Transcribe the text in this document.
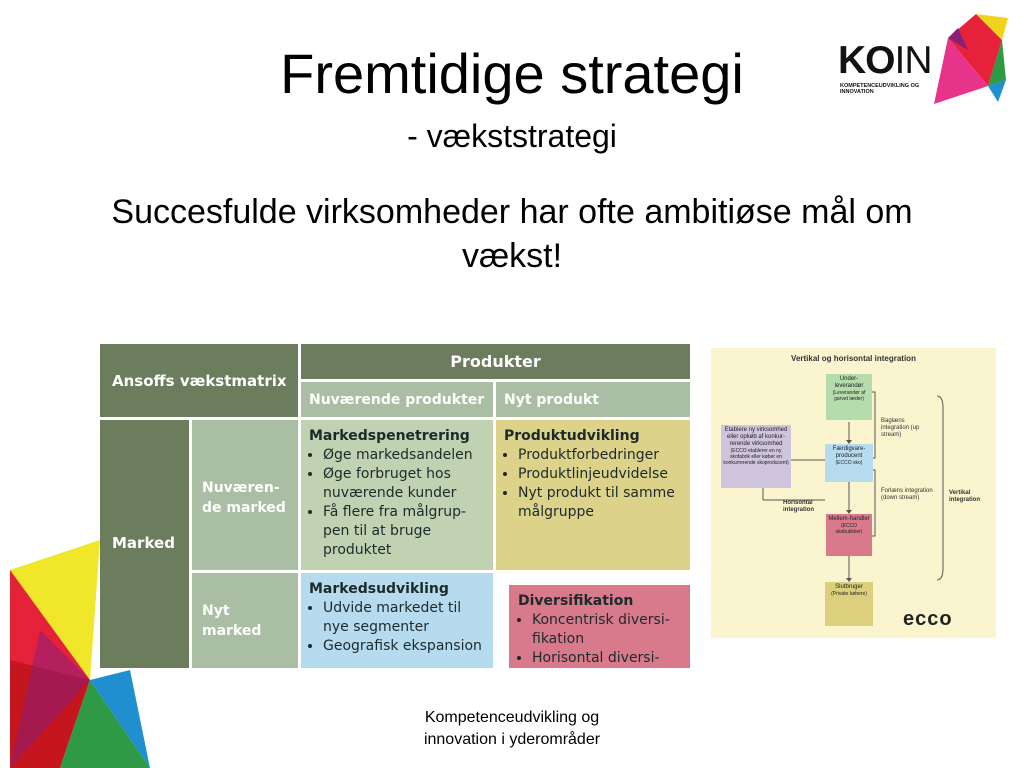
Fremtidige strategi
- vækststrategi
Succesfulde virksomheder har ofte ambitiøse mål om vækst!
KOIN
KOMPETENCEUDVIKLING OG INNOVATION
Ansoffs vækstmatrix
Produkter
Nuværende produkter	Nyt produkt
Marked
Nuværen-de marked
Nyt marked
Markedspenetrering
• Øge markedsandelen
• Øge forbruget hos nuværende kunder
• Få flere fra målgrup-pen til at bruge produktet
Produktudvikling
• Produktforbedringer
• Produktlinjeudvidelse
• Nyt produkt til samme målgruppe
Markedsudvikling
• Udvide markedet til nye segmenter
• Geografisk ekspansion
Diversifikation
• Koncentrisk diversi-fikation
• Horisontal diversi-
Vertikal og horisontal integration
Under-leverandør
(Leverandør af garvet læder)
Færdigvare-producent
(ECCO sko)
Mellem-handler
(ECCO skobutikker)
Slutbruger
(Private købere)
Etablere ny virksomhed eller opkøb af konkur-rerende virksomhed
(ECCO etablerer en ny skofabrik eller køber en konkurrerende skoproducent)
Horisontal integration
Baglæns integration (up stream)
Forlæns integration (down stream)
Vertikal integration
ecco
Kompetenceudvikling og
innovation i yderområder
